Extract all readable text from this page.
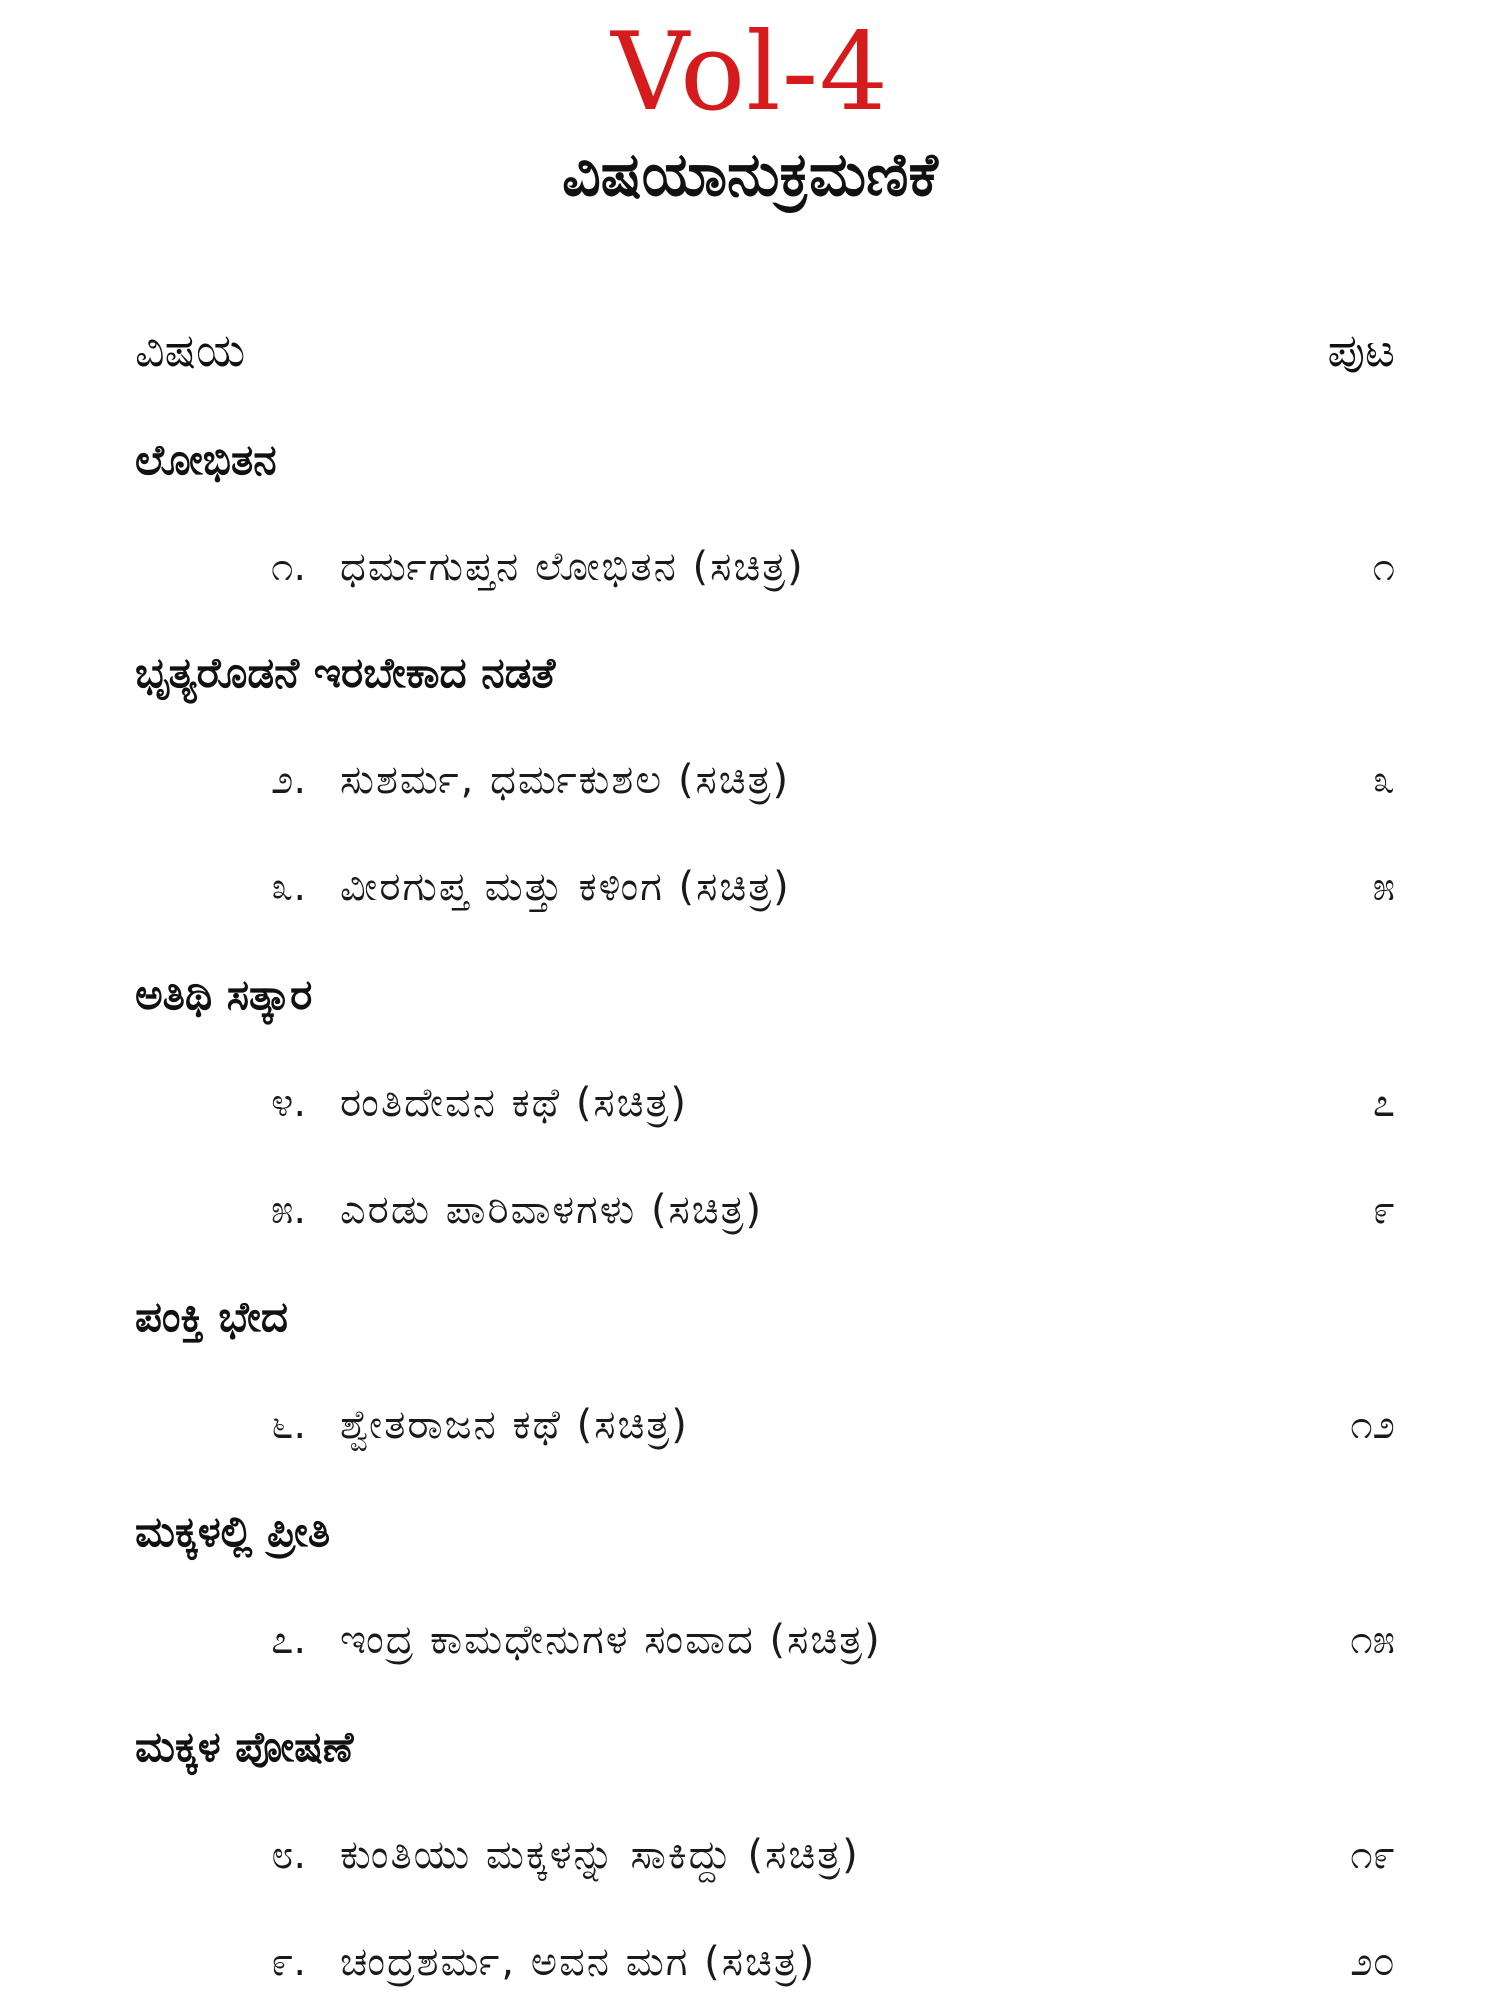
Vol-4
ವಿಷಯಾನುಕ್ರಮಣಿಕೆ
ವಿಷಯ	ಪುಟ
ಲೋಭಿತನ
೧. ಧರ್ಮಗುಪ್ತನ ಲೋಭಿತನ (ಸಚಿತ್ರ)	೧
ಭೃತ್ಯರೊಡನೆ ಇರಬೇಕಾದ ನಡತೆ
೨. ಸುಶರ್ಮ, ಧರ್ಮಕುಶಲ (ಸಚಿತ್ರ)	೩
೩. ವೀರಗುಪ್ತ ಮತ್ತು ಕಳಿಂಗ (ಸಚಿತ್ರ)	೫
ಅತಿಥಿ ಸತ್ಕಾರ
೪. ರಂತಿದೇವನ ಕಥೆ (ಸಚಿತ್ರ)	೭
೫. ಎರಡು ಪಾರಿವಾಳಗಳು (ಸಚಿತ್ರ)	೯
ಪಂಕ್ತಿ ಭೇದ
೬. ಶ್ವೇತರಾಜನ ಕಥೆ (ಸಚಿತ್ರ)	೧೨
ಮಕ್ಕಳಲ್ಲಿ ಪ್ರೀತಿ
೭. ಇಂದ್ರ ಕಾಮಧೇನುಗಳ ಸಂವಾದ (ಸಚಿತ್ರ)	೧೫
ಮಕ್ಕಳ ಪೋಷಣೆ
೮. ಕುಂತಿಯು ಮಕ್ಕಳನ್ನು ಸಾಕಿದ್ದು (ಸಚಿತ್ರ)	೧೯
೯. ಚಂದ್ರಶರ್ಮ, ಅವನ ಮಗ (ಸಚಿತ್ರ)	೨೦
